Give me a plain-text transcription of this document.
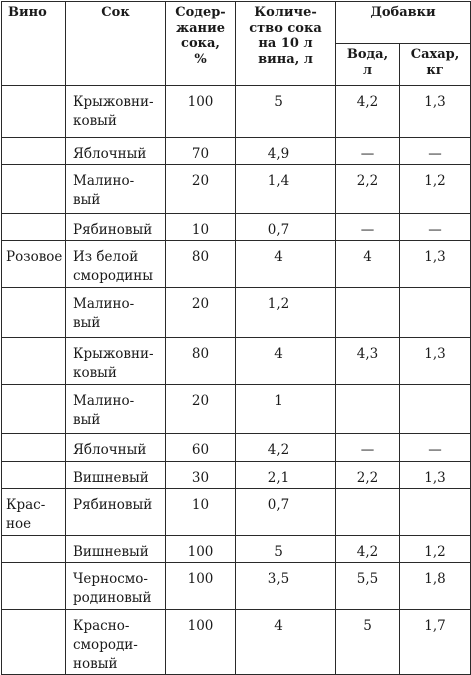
Вино	Сок	Содер-
жание
сока,
%	Количе-
ство сока
на 10 л
вина, л	Добавки	
				Вода,
л	Сахар,
кг
	Крыжовни-
ковый	100	5	4,2	1,3
	Яблочный	70	4,9	—	—
	Малино-
вый	20	1,4	2,2	1,2
	Рябиновый	10	0,7	—	—
Розовое	Из белой
смородины	80	4	4	1,3
	Малино-
вый	20	1,2		
	Крыжовни-
ковый	80	4	4,3	1,3
	Малино-
вый	20	1		
	Яблочный	60	4,2	—	—
	Вишневый	30	2,1	2,2	1,3
Крас-
ное	Рябиновый	10	0,7		
	Вишневый	100	5	4,2	1,2
	Черносмо-
родиновый	100	3,5	5,5	1,8
	Красно-
смороди-
новый	100	4	5	1,7
